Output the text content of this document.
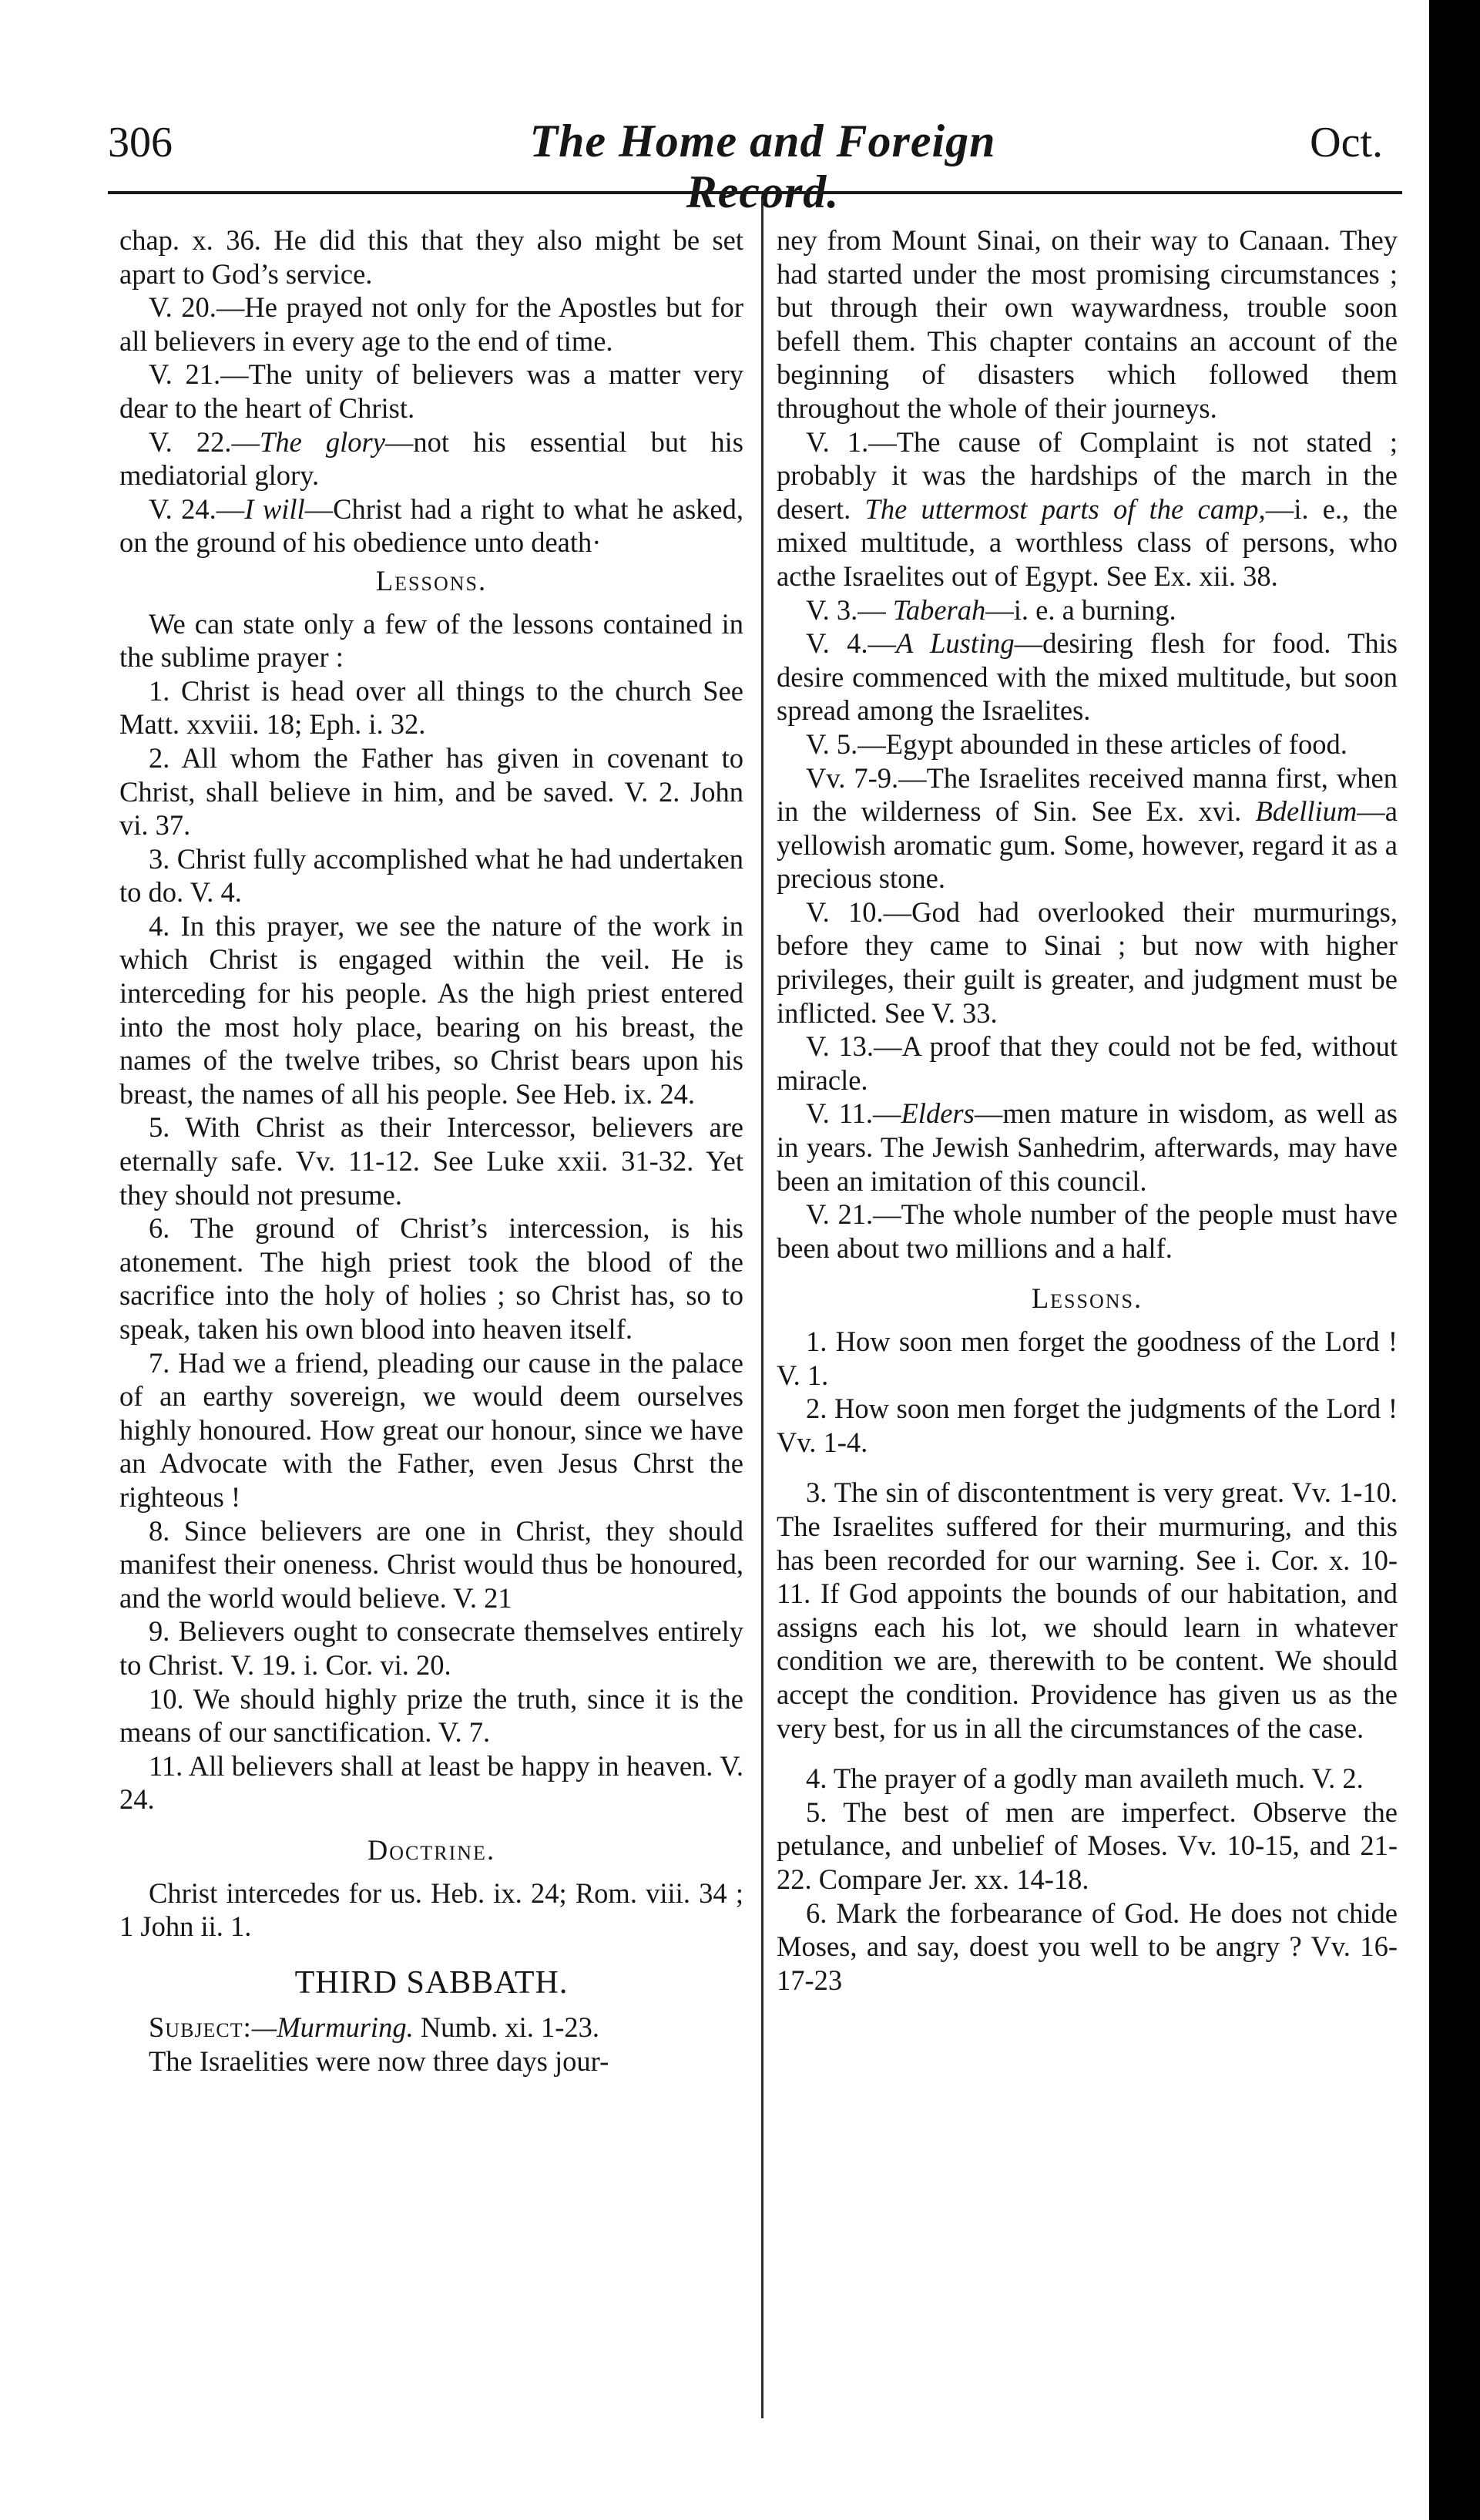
306	The Home and Foreign	Oct.

chap. x. 36. He did this that they also might be set apart to God’s service.

V. 20.—He prayed not only for the Apostles but for all believers in every age to the end of time.

V. 21.—The unity of believers was a matter very dear to the heart of Christ.

V. 22.—The glory—not his essential but his mediatorial glory.

V. 24.—I will—Christ had a right to what he asked, on the ground of his obedience unto death·

Lessons.

We can state only a few of the lessons contained in the sublime prayer :

1. Christ is head over all things to the church See Matt. xxviii. 18; Eph. i. 32.

2. All whom the Father has given in covenant to Christ, shall believe in him, and be saved. V. 2. John vi. 37.

3. Christ fully accomplished what he had undertaken to do. V. 4.

4. In this prayer, we see the nature of the work in which Christ is engaged within the veil. He is interceding for his people. As the high priest entered into the most holy place, bearing on his breast, the names of the twelve tribes, so Christ bears upon his breast, the names of all his people. See Heb. ix. 24.

5. With Christ as their Intercessor, believers are eternally safe. Vv. 11-12. See Luke xxii. 31-32. Yet they should not presume.

6. The ground of Christ’s intercession, is his atonement. The high priest took the blood of the sacrifice into the holy of holies ; so Christ has, so to speak, taken his own blood into heaven itself.

7. Had we a friend, pleading our cause in the palace of an earthy sovereign, we would deem ourselves highly honoured. How great our honour, since we have an Advocate with the Father, even Jesus Chrst the righteous !

8. Since believers are one in Christ, they should manifest their oneness. Christ would thus be honoured, and the world would believe. V. 21

9. Believers ought to consecrate themselves entirely to Christ. V. 19. i. Cor. vi. 20.

10. We should highly prize the truth, since it is the means of our sanctification. V. 7.

11. All believers shall at least be happy in heaven. V. 24.

Doctrine.

Christ intercedes for us. Heb. ix. 24; Rom. viii. 34 ; 1 John ii. 1.

THIRD SABBATH.

Subject:—Murmuring. Numb. xi. 1-23.

The Israelities were now three days jour-

ney from Mount Sinai, on their way to Canaan. They had started under the most promising circumstances ; but through their own waywardness, trouble soon befell them. This chapter contains an account of the beginning of disasters which followed them throughout the whole of their journeys.

V. 1.—The cause of Complaint is not stated ; probably it was the hardships of the march in the desert. The uttermost parts of the camp,—i. e., the mixed multitude, a worthless class of persons, who acthe Israelites out of Egypt. See Ex. xii. 38.

V. 3.— Taberah—i. e. a burning.

V. 4.—A Lusting—desiring flesh for food. This desire commenced with the mixed multitude, but soon spread among the Israelites.

V. 5.—Egypt abounded in these articles of food.

Vv. 7-9.—The Israelites received manna first, when in the wilderness of Sin. See Ex. xvi. Bdellium—a yellowish aromatic gum. Some, however, regard it as a precious stone.

V. 10.—God had overlooked their murmurings, before they came to Sinai ; but now with higher privileges, their guilt is greater, and judgment must be inflicted. See V. 33.

V. 13.—A proof that they could not be fed, without miracle.

V. 11.—Elders—men mature in wisdom, as well as in years. The Jewish Sanhedrim, afterwards, may have been an imitation of this council.

V. 21.—The whole number of the people must have been about two millions and a half.

Lessons.

1. How soon men forget the goodness of the Lord ! V. 1.

2. How soon men forget the judgments of the Lord ! Vv. 1-4.

3. The sin of discontentment is very great. Vv. 1-10. The Israelites suffered for their murmuring, and this has been recorded for our warning. See i. Cor. x. 10-11. If God appoints the bounds of our habitation, and assigns each his lot, we should learn in whatever condition we are, therewith to be content. We should accept the condition. Providence has given us as the very best, for us in all the circumstances of the case.

4. The prayer of a godly man availeth much. V. 2.

5. The best of men are imperfect. Observe the petulance, and unbelief of Moses. Vv. 10-15, and 21-22. Compare Jer. xx. 14-18.

6. Mark the forbearance of God. He does not chide Moses, and say, doest you well to be angry ? Vv. 16-17-23
